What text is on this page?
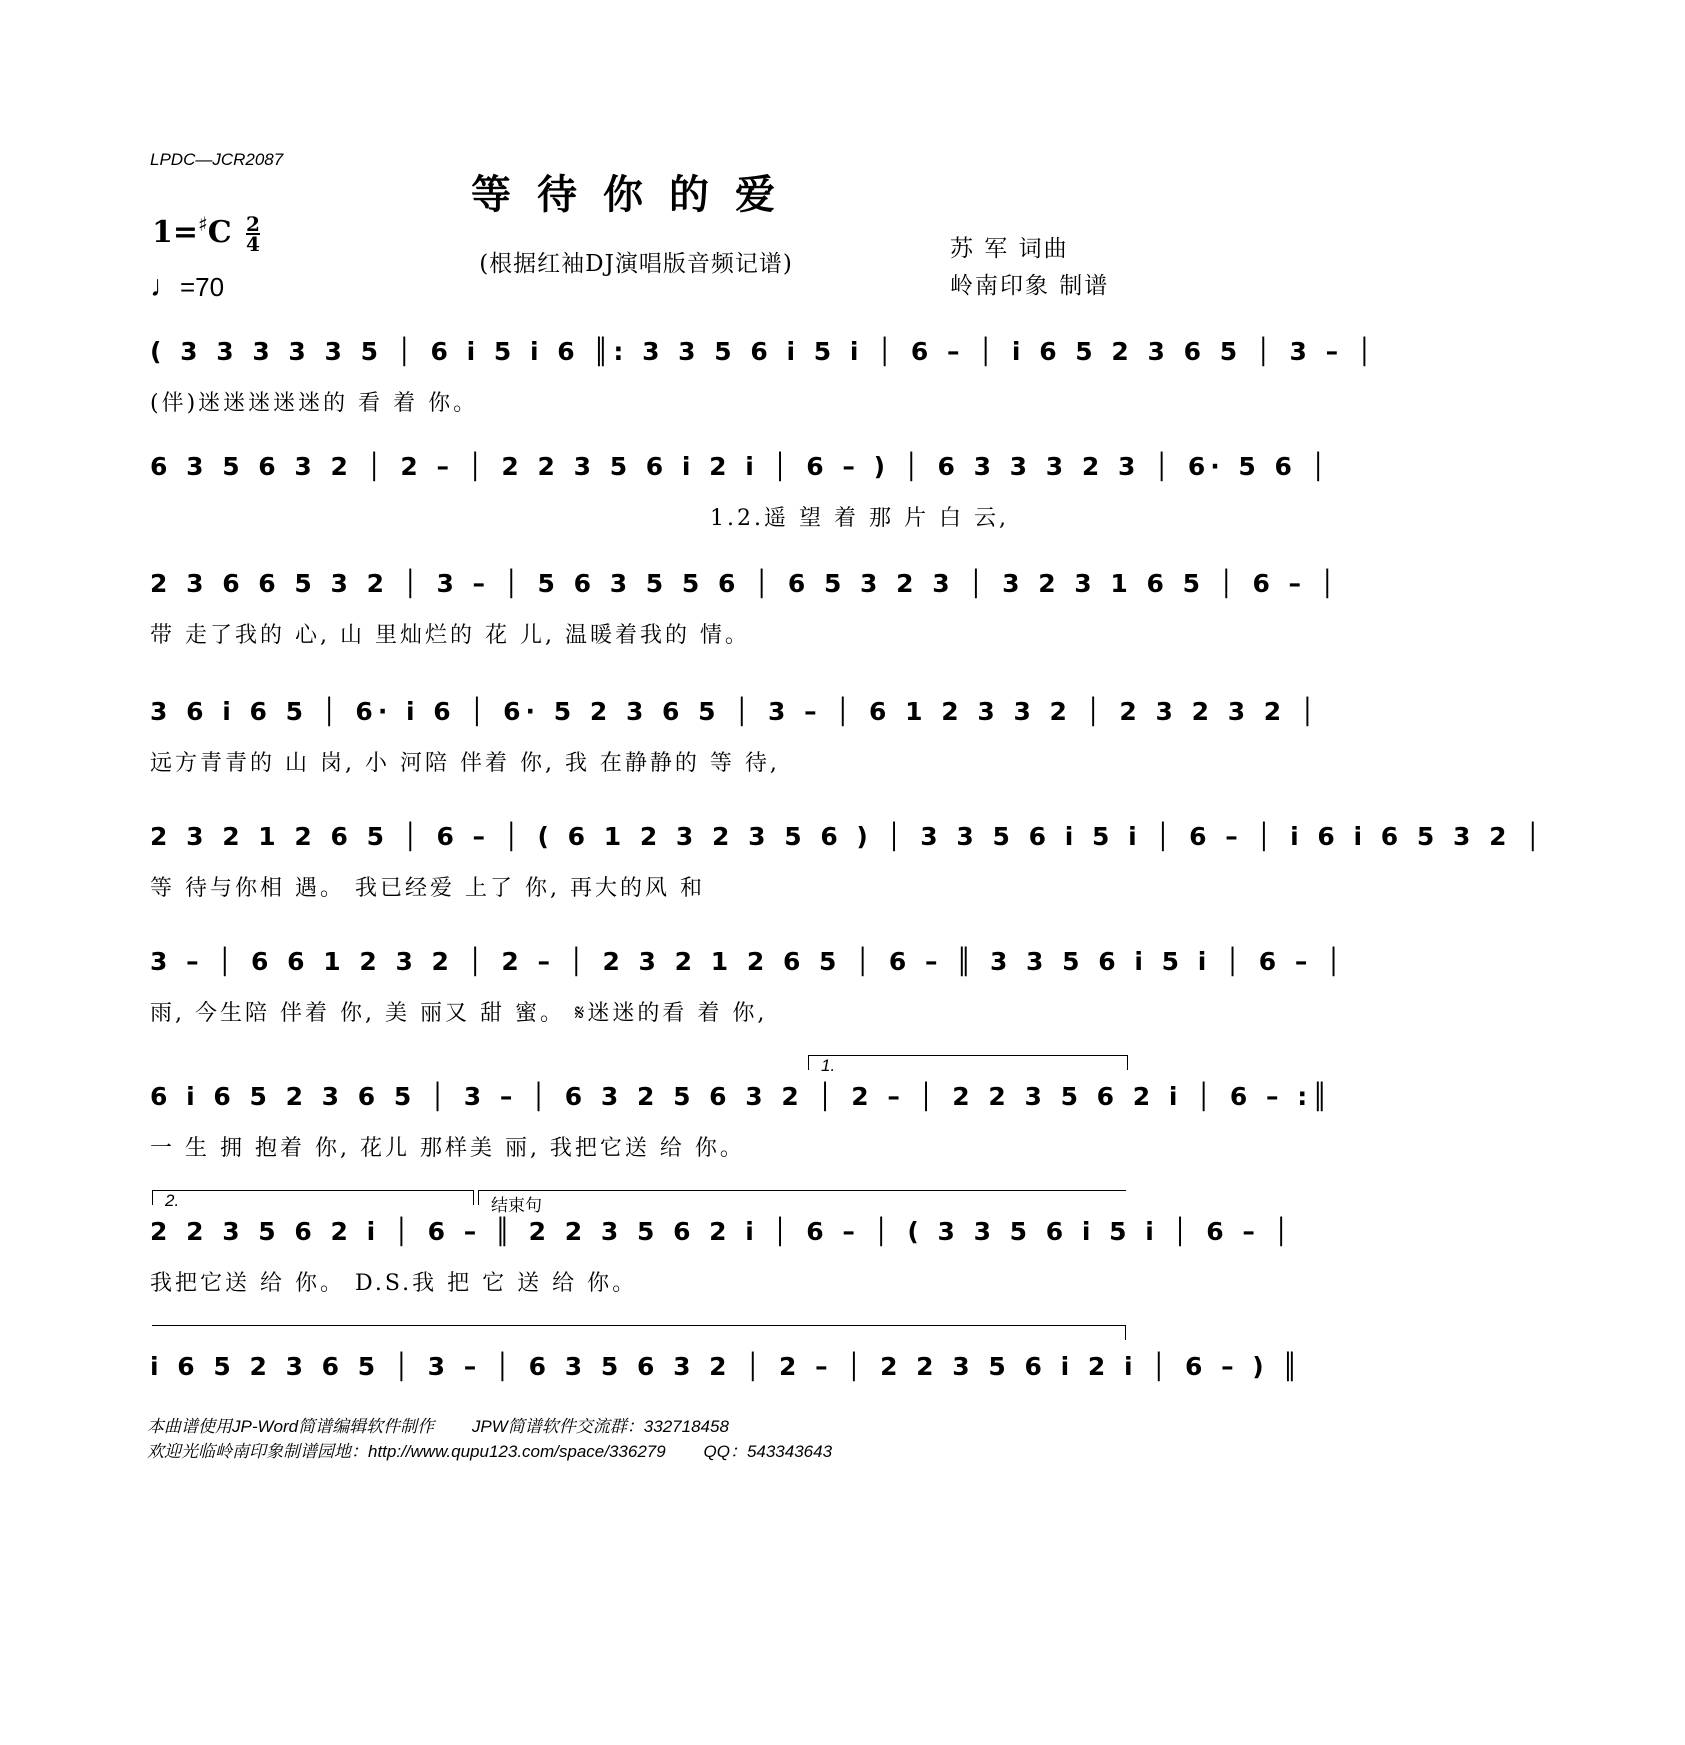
LPDC—JCR2087
等待你的爱
(根据红袖DJ演唱版音频记谱)
$1=^♯C \frac{2}{4}$
♩=70
苏 军 词曲
岭南印象 制谱
( 3 3 3 3 3 5 │ 6 i 5 i 6 ║: 3 3 5 6 i 5 i │ 6 – │ i 6 5 2 3 6 5 │ 3 – │
(伴)迷迷迷迷迷的 看 着 你。
6 3 5 6 3 2 │ 2 – │ 2 2 3 5 6 i 2 i │ 6 – ) │ 6 3 3 3 2 3 │ 6· 5 6 │
1.2.遥 望 着 那 片 白 云,
2 3 6 6 5 3 2 │ 3 – │ 5 6 3 5 5 6 │ 6 5 3 2 3 │ 3 2 3 1 6 5 │ 6 – │
带 走了我的 心, 山 里灿烂的 花 儿, 温暖着我的 情。
3 6 i 6 5 │ 6· i 6 │ 6· 5 2 3 6 5 │ 3 – │ 6 1 2 3 3 2 │ 2 3 2 3 2 │
远方青青的 山 岗, 小 河陪 伴着 你, 我 在静静的 等 待,
2 3 2 1 2 6 5 │ 6 – │ ( 6 1 2 3 2 3 5 6 ) │ 3 3 5 6 i 5 i │ 6 – │ i 6 i 6 5 3 2 │
等 待与你相 遇。 我已经爱 上了 你, 再大的风 和
3 – │ 6 6 1 2 3 2 │ 2 – │ 2 3 2 1 2 6 5 │ 6 – ║ 3 3 5 6 i 5 i │ 6 – │
雨, 今生陪 伴着 你, 美 丽又 甜 蜜。 𝄋迷迷的看 着 你,
1.
6 i 6 5 2 3 6 5 │ 3 – │ 6 3 2 5 6 3 2 │ 2 – │ 2 2 3 5 6 2 i │ 6 – :║
一 生 拥 抱着 你, 花儿 那样美 丽, 我把它送 给 你。
2.	结束句
2 2 3 5 6 2 i │ 6 – ║ 2 2 3 5 6 2 i │ 6 – │ ( 3 3 5 6 i 5 i │ 6 – │
我把它送 给 你。 D.S.我 把 它 送 给 你。
i 6 5 2 3 6 5 │ 3 – │ 6 3 5 6 3 2 │ 2 – │ 2 2 3 5 6 i 2 i │ 6 – ) ║
本曲谱使用JP-Word简谱编辑软件制作 JPW简谱软件交流群：332718458
欢迎光临岭南印象制谱园地：http://www.qupu123.com/space/336279 QQ：543343643
